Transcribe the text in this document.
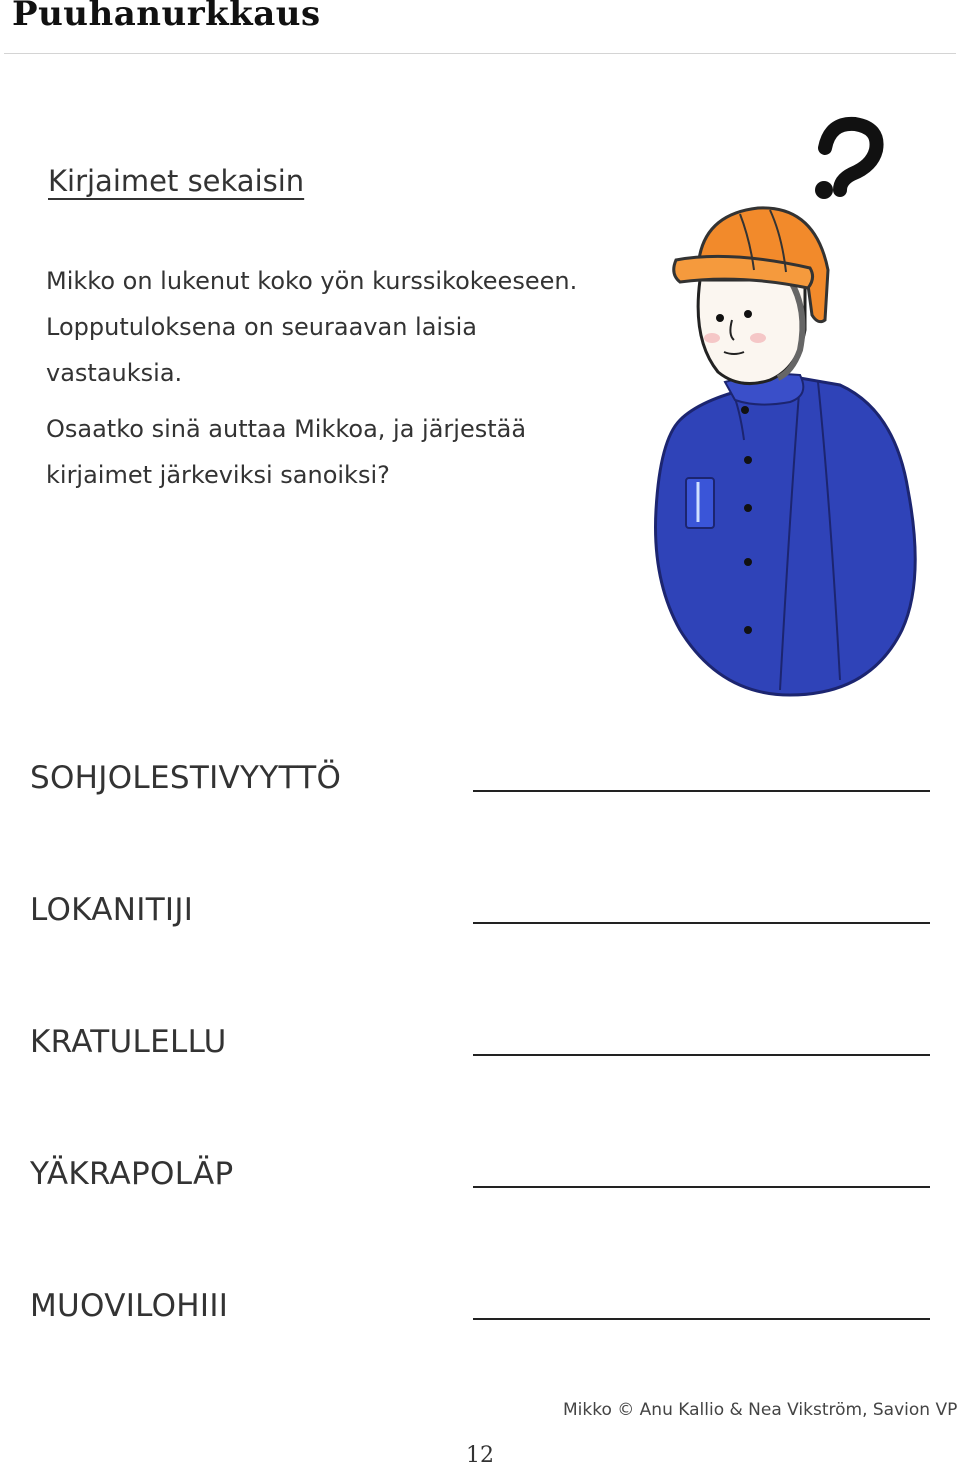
Puuhanurkkaus
Kirjaimet sekaisin
Mikko on lukenut koko yön kurssikokeeseen.
Lopputuloksena on seuraavan laisia
vastauksia.
Osaatko sinä auttaa Mikkoa, ja järjestää
kirjaimet järkeviksi sanoiksi?
SOHJOLESTIVYYTTÖ
LOKANITIJI
KRATULELLU
YÄKRAPOLÄP
MUOVILOHIII
Mikko © Anu Kallio & Nea Vikström, Savion VP
12
